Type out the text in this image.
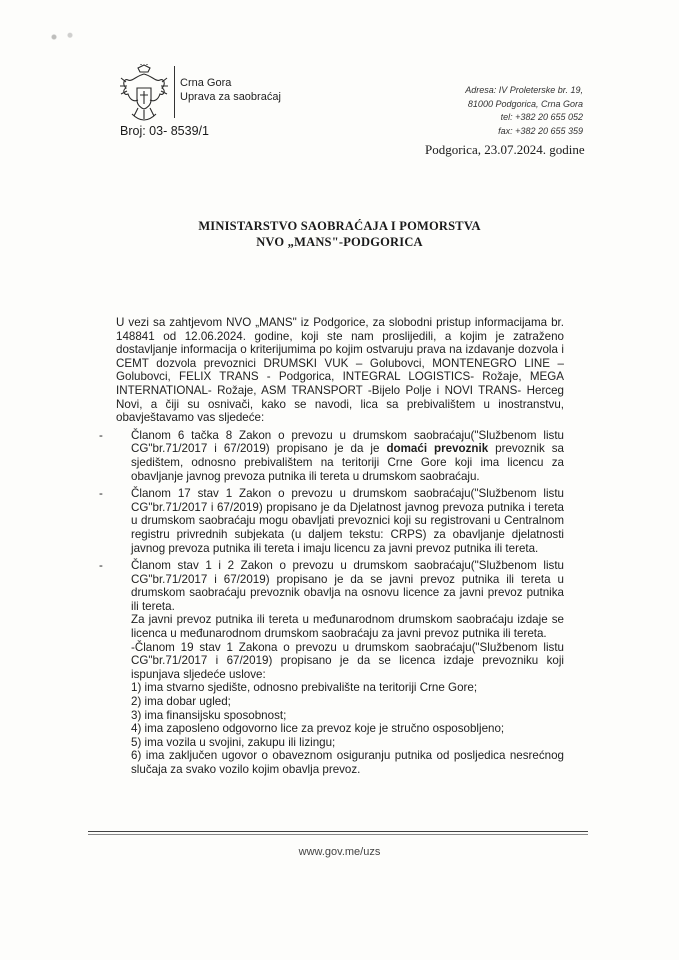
Crna Gora
Uprava za saobraćaj
Broj: 03- 8539/1
Adresa: IV Proleterske br. 19,
81000 Podgorica, Crna Gora
tel: +382 20 655 052
fax: +382 20 655 359
Podgorica, 23.07.2024. godine
MINISTARSTVO SAOBRAĆAJA I POMORSTVA
NVO „MANS"-PODGORICA

U vezi sa zahtjevom NVO „MANS" iz Podgorice, za slobodni pristup informacijama br. 148841 od 12.06.2024. godine, koji ste nam proslijedili, a kojim je zatraženo dostavljanje informacija o kriterijumima po kojim ostvaruju prava na izdavanje dozvola i CEMT dozvola prevoznici DRUMSKI VUK – Golubovci, MONTENEGRO LINE – Golubovci, FELIX TRANS - Podgorica, INTEGRAL LOGISTICS- Rožaje, MEGA INTERNATIONAL- Rožaje, ASM TRANSPORT -Bijelo Polje i NOVI TRANS- Herceg Novi, a čiji su osnivači, kako se navodi, lica sa prebivalištem u inostranstvu, obavještavamo vas sljedeće:

- Članom 6 tačka 8 Zakon o prevozu u drumskom saobraćaju("Službenom listu CG"br.71/2017 i 67/2019) propisano je da je domaći prevoznik prevoznik sa sjedištem, odnosno prebivalištem na teritoriji Crne Gore koji ima licencu za obavljanje javnog prevoza putnika ili tereta u drumskom saobraćaju.
- Članom 17 stav 1 Zakon o prevozu u drumskom saobraćaju("Službenom listu CG"br.71/2017 i 67/2019) propisano je da Djelatnost javnog prevoza putnika i tereta u drumskom saobraćaju mogu obavljati prevoznici koji su registrovani u Centralnom registru privrednih subjekata (u daljem tekstu: CRPS) za obavljanje djelatnosti javnog prevoza putnika ili tereta i imaju licencu za javni prevoz putnika ili tereta.
- Članom stav 1 i 2 Zakon o prevozu u drumskom saobraćaju("Službenom listu CG"br.71/2017 i 67/2019) propisano je da se javni prevoz putnika ili tereta u drumskom saobraćaju prevoznik obavlja na osnovu licence za javni prevoz putnika ili tereta.
Za javni prevoz putnika ili tereta u međunarodnom drumskom saobraćaju izdaje se licenca u međunarodnom drumskom saobraćaju za javni prevoz putnika ili tereta.
-Članom 19 stav 1 Zakona o prevozu u drumskom saobraćaju("Službenom listu CG"br.71/2017 i 67/2019) propisano je da se licenca izdaje prevozniku koji ispunjava sljedeće uslove:
1) ima stvarno sjedište, odnosno prebivalište na teritoriji Crne Gore;
2) ima dobar ugled;
3) ima finansijsku sposobnost;
4) ima zaposleno odgovorno lice za prevoz koje je stručno osposobljeno;
5) ima vozila u svojini, zakupu ili lizingu;
6) ima zaključen ugovor o obaveznom osiguranju putnika od posljedica nesrećnog slučaja za svako vozilo kojim obavlja prevoz.
www.gov.me/uzs
